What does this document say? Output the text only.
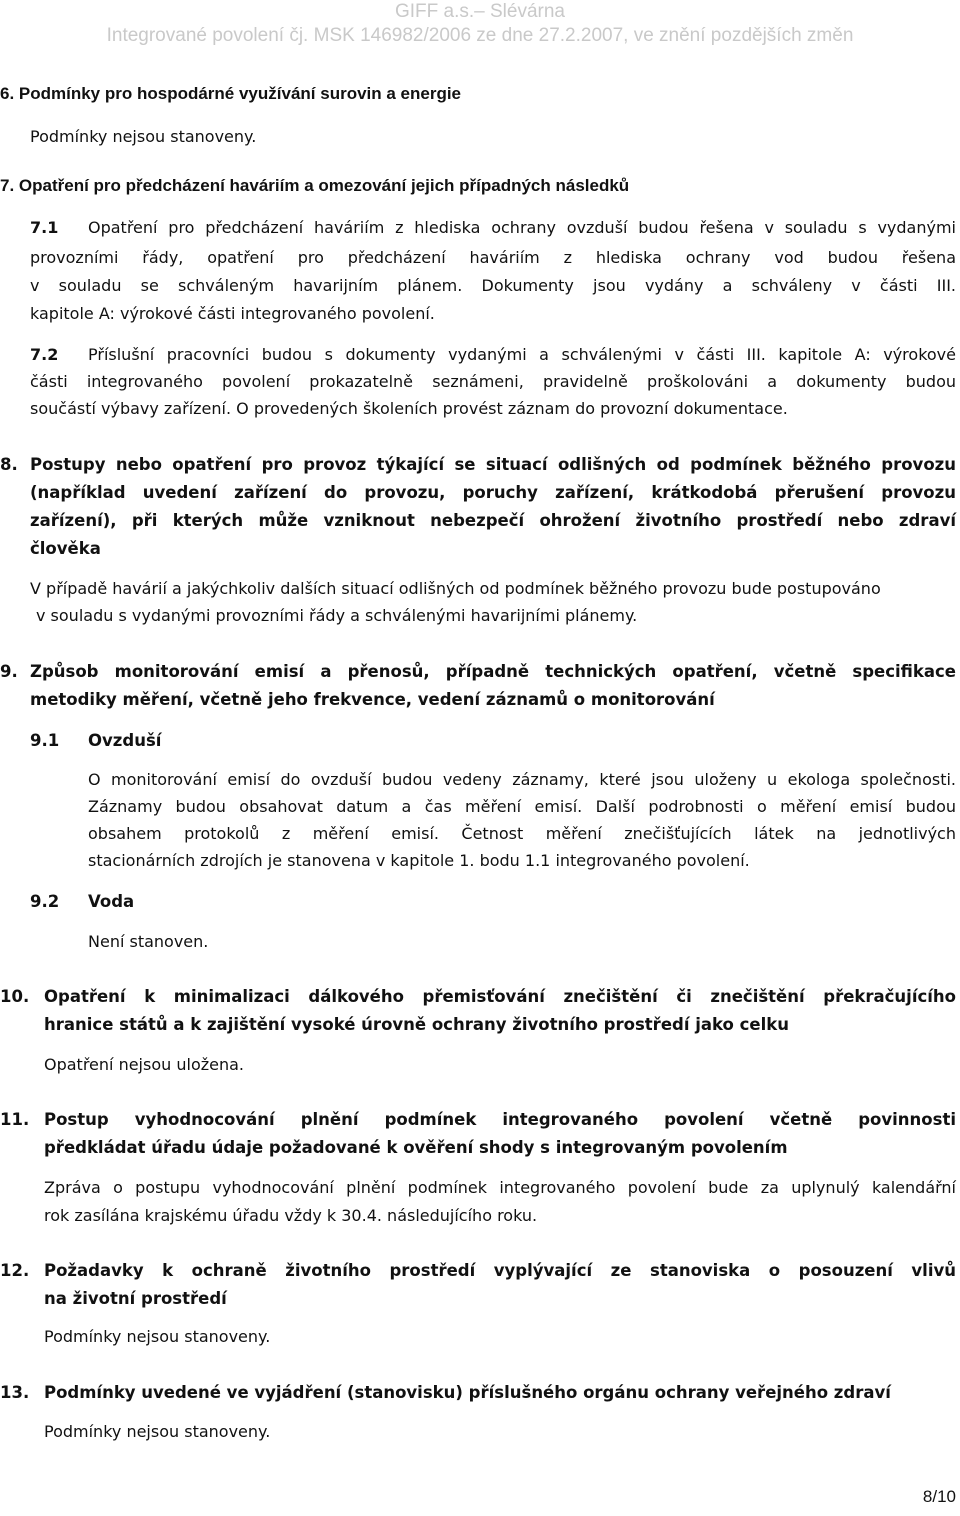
GIFF a.s.– Slévárna
Integrované povolení čj. MSK 146982/2006 ze dne 27.2.2007, ve znění pozdějších změn
6. Podmínky pro hospodárné využívání surovin a energie
Podmínky nejsou stanoveny.
7. Opatření pro předcházení haváriím a omezování jejich případných následků
7.1 Opatření pro předcházení haváriím z hlediska ochrany ovzduší budou řešena v souladu s vydanými
provozními řády, opatření pro předcházení haváriím z hlediska ochrany vod budou řešena
v souladu se schváleným havarijním plánem. Dokumenty jsou vydány a schváleny v části III.
kapitole A: výrokové části integrovaného povolení.
7.2 Příslušní pracovníci budou s dokumenty vydanými a schválenými v části III. kapitole A: výrokové
části integrovaného povolení prokazatelně seznámeni, pravidelně proškolováni a dokumenty budou
součástí výbavy zařízení. O provedených školeních provést záznam do provozní dokumentace.
8. Postupy nebo opatření pro provoz týkající se situací odlišných od podmínek běžného provozu
(například uvedení zařízení do provozu, poruchy zařízení, krátkodobá přerušení provozu
zařízení), při kterých může vzniknout nebezpečí ohrožení životního prostředí nebo zdraví
člověka
V případě havárií a jakýchkoliv dalších situací odlišných od podmínek běžného provozu bude postupováno
v souladu s vydanými provozními řády a schválenými havarijními plánemy.
9. Způsob monitorování emisí a přenosů, případně technických opatření, včetně specifikace
metodiky měření, včetně jeho frekvence, vedení záznamů o monitorování
9.1 Ovzduší
O monitorování emisí do ovzduší budou vedeny záznamy, které jsou uloženy u ekologa společnosti.
Záznamy budou obsahovat datum a čas měření emisí. Další podrobnosti o měření emisí budou
obsahem protokolů z měření emisí. Četnost měření znečišťujících látek na jednotlivých
stacionárních zdrojích je stanovena v kapitole 1. bodu 1.1 integrovaného povolení.
9.2 Voda
Není stanoven.
10. Opatření k minimalizaci dálkového přemisťování znečištění či znečištění překračujícího
hranice států a k zajištění vysoké úrovně ochrany životního prostředí jako celku
Opatření nejsou uložena.
11. Postup vyhodnocování plnění podmínek integrovaného povolení včetně povinnosti
předkládat úřadu údaje požadované k ověření shody s integrovaným povolením
Zpráva o postupu vyhodnocování plnění podmínek integrovaného povolení bude za uplynulý kalendářní
rok zasílána krajskému úřadu vždy k 30.4. následujícího roku.
12. Požadavky k ochraně životního prostředí vyplývající ze stanoviska o posouzení vlivů
na životní prostředí
Podmínky nejsou stanoveny.
13. Podmínky uvedené ve vyjádření (stanovisku) příslušného orgánu ochrany veřejného zdraví
Podmínky nejsou stanoveny.
8/10
